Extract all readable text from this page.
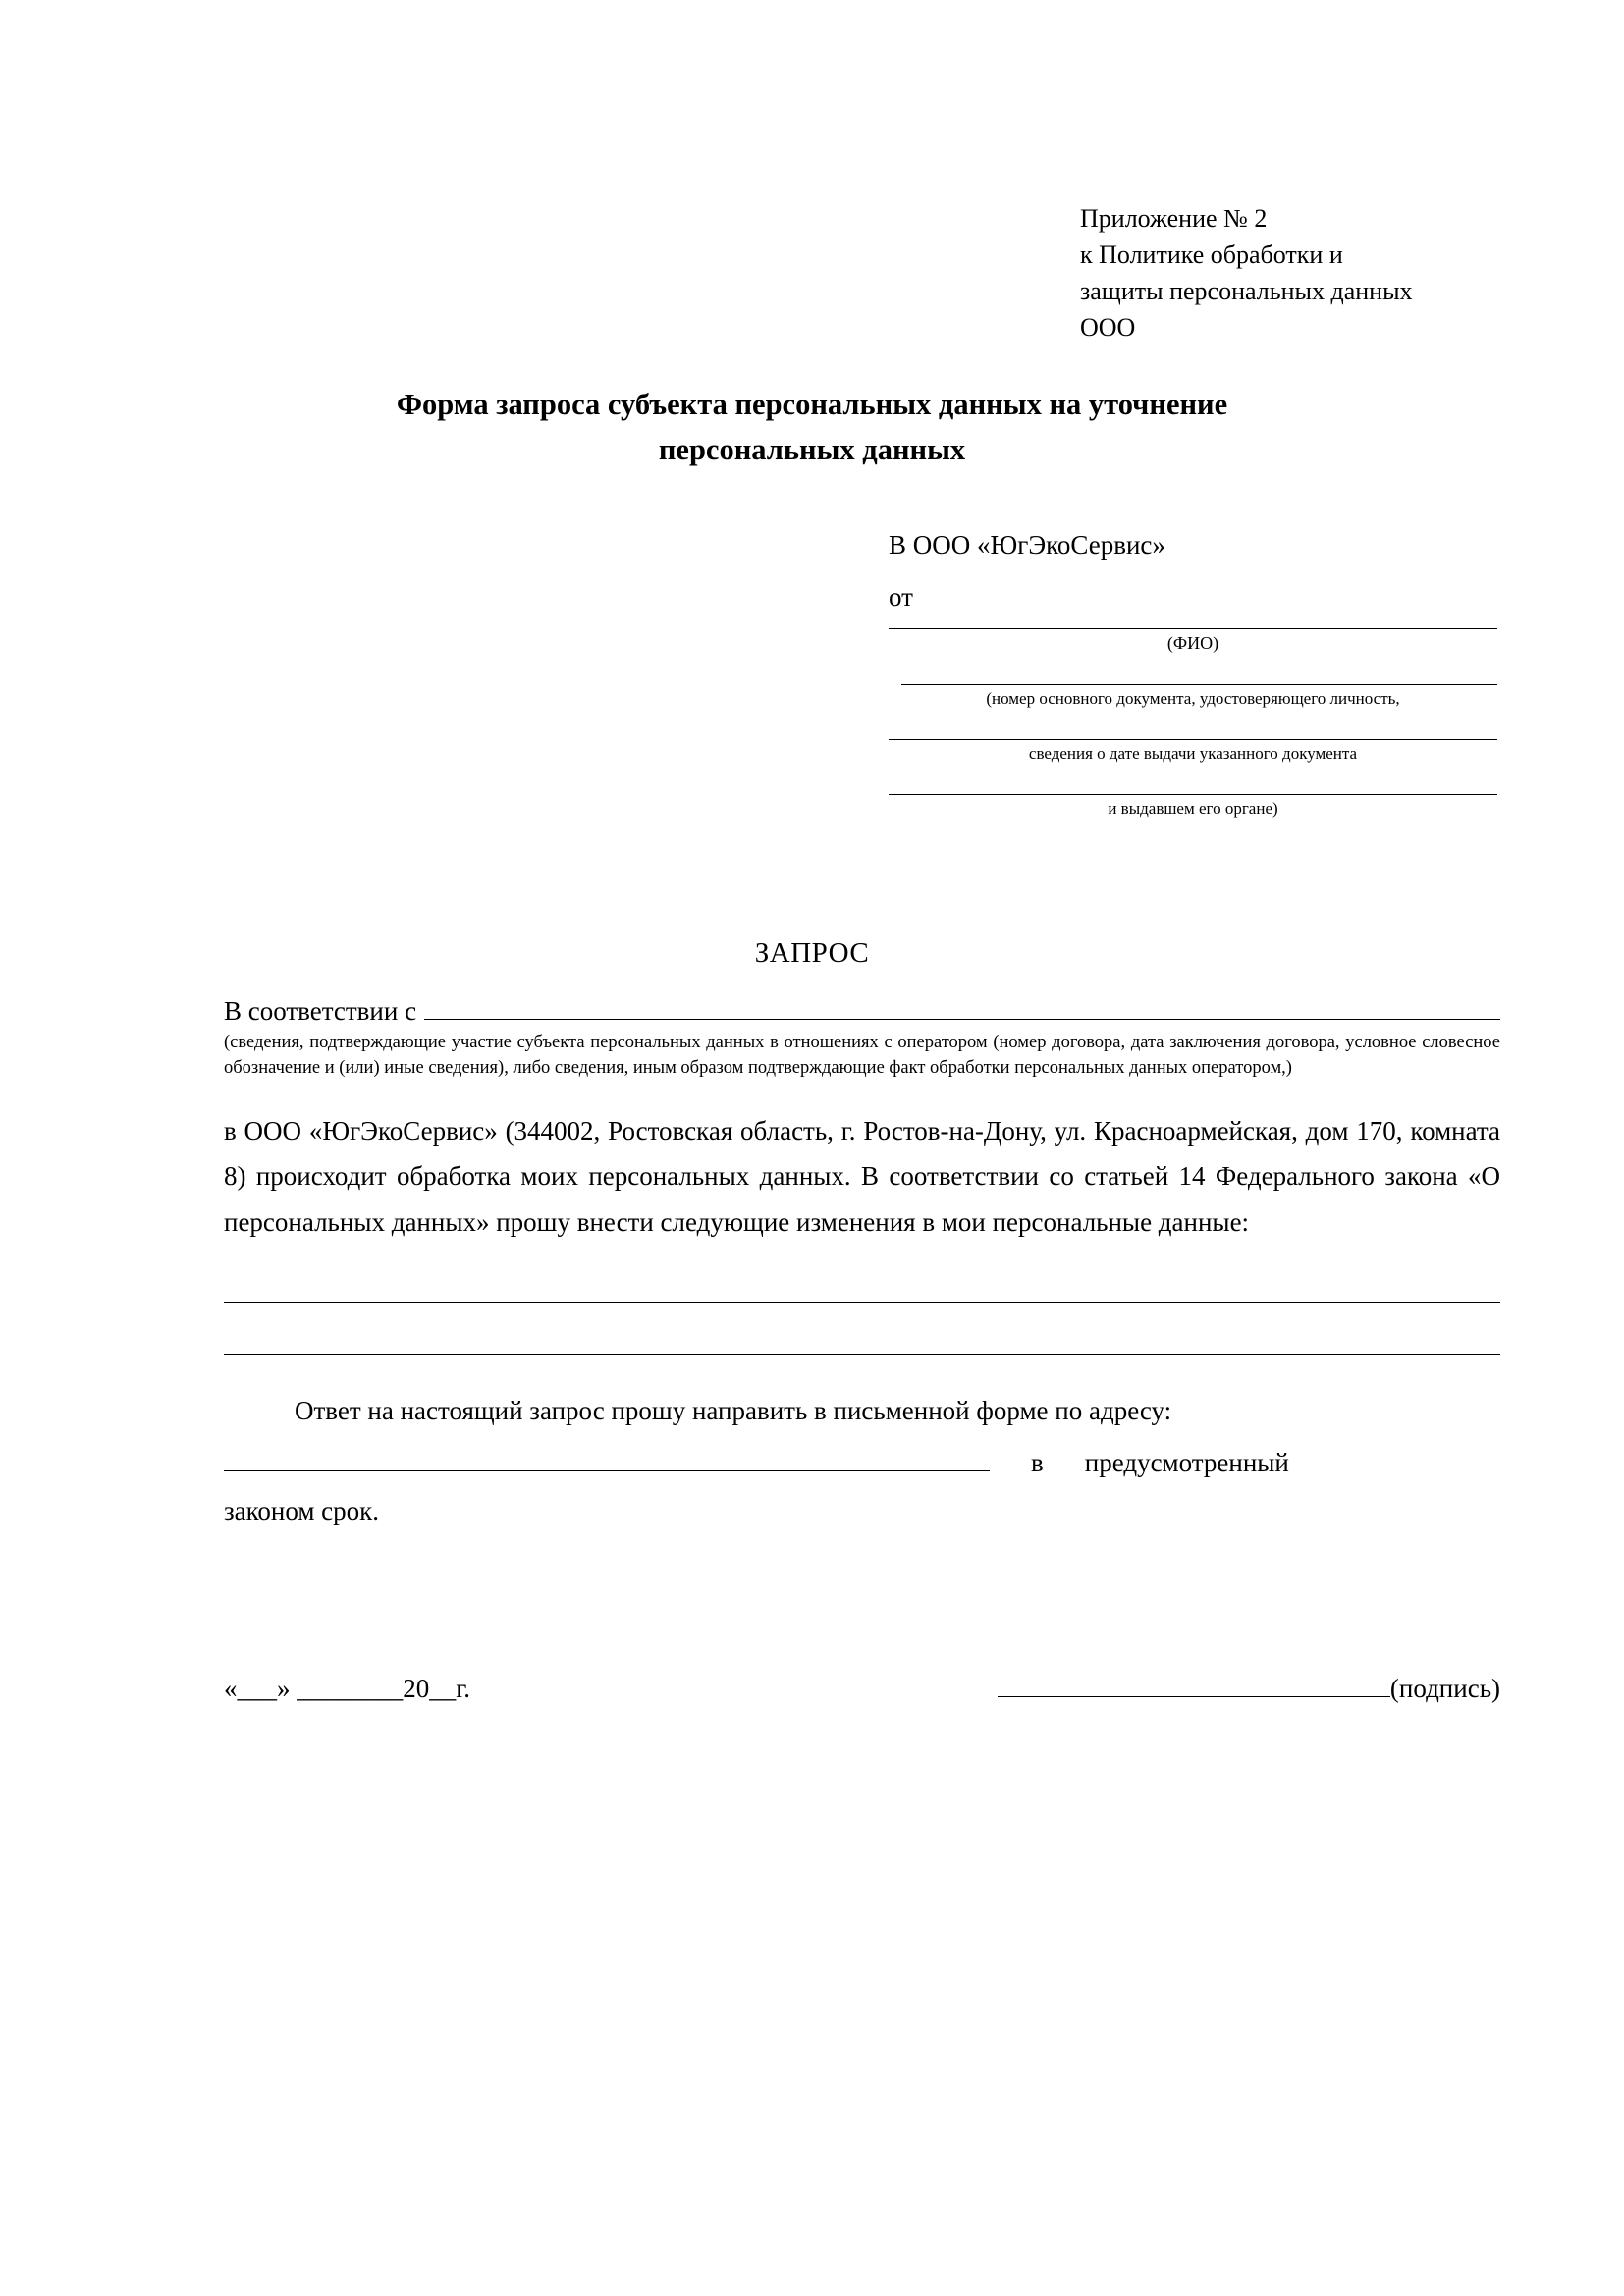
Приложение № 2
к Политике обработки и
защиты персональных данных
ООО
Форма запроса субъекта персональных данных на уточнение
персональных данных
В ООО «ЮгЭкоСервис»
от
(ФИО)
(номер основного документа, удостоверяющего личность,
сведения о дате выдачи указанного документа
и выдавшем его органе)
ЗАПРОС
В соответствии с
(сведения, подтверждающие участие субъекта персональных данных в отношениях с оператором (номер договора, дата заключения договора, условное словесное обозначение и (или) иные сведения), либо сведения, иным образом подтверждающие факт обработки персональных данных оператором,)
в ООО «ЮгЭкоСервис» (344002, Ростовская область, г. Ростов-на-Дону, ул. Красноармейская, дом 170, комната 8) происходит обработка моих персональных данных. В соответствии со статьей 14 Федерального закона «О персональных данных» прошу внести следующие изменения в мои персональные данные:
Ответ на настоящий запрос прошу направить в письменной форме по адресу:
в	предусмотренный
законом срок.
«___» ________20__г.	(подпись)
